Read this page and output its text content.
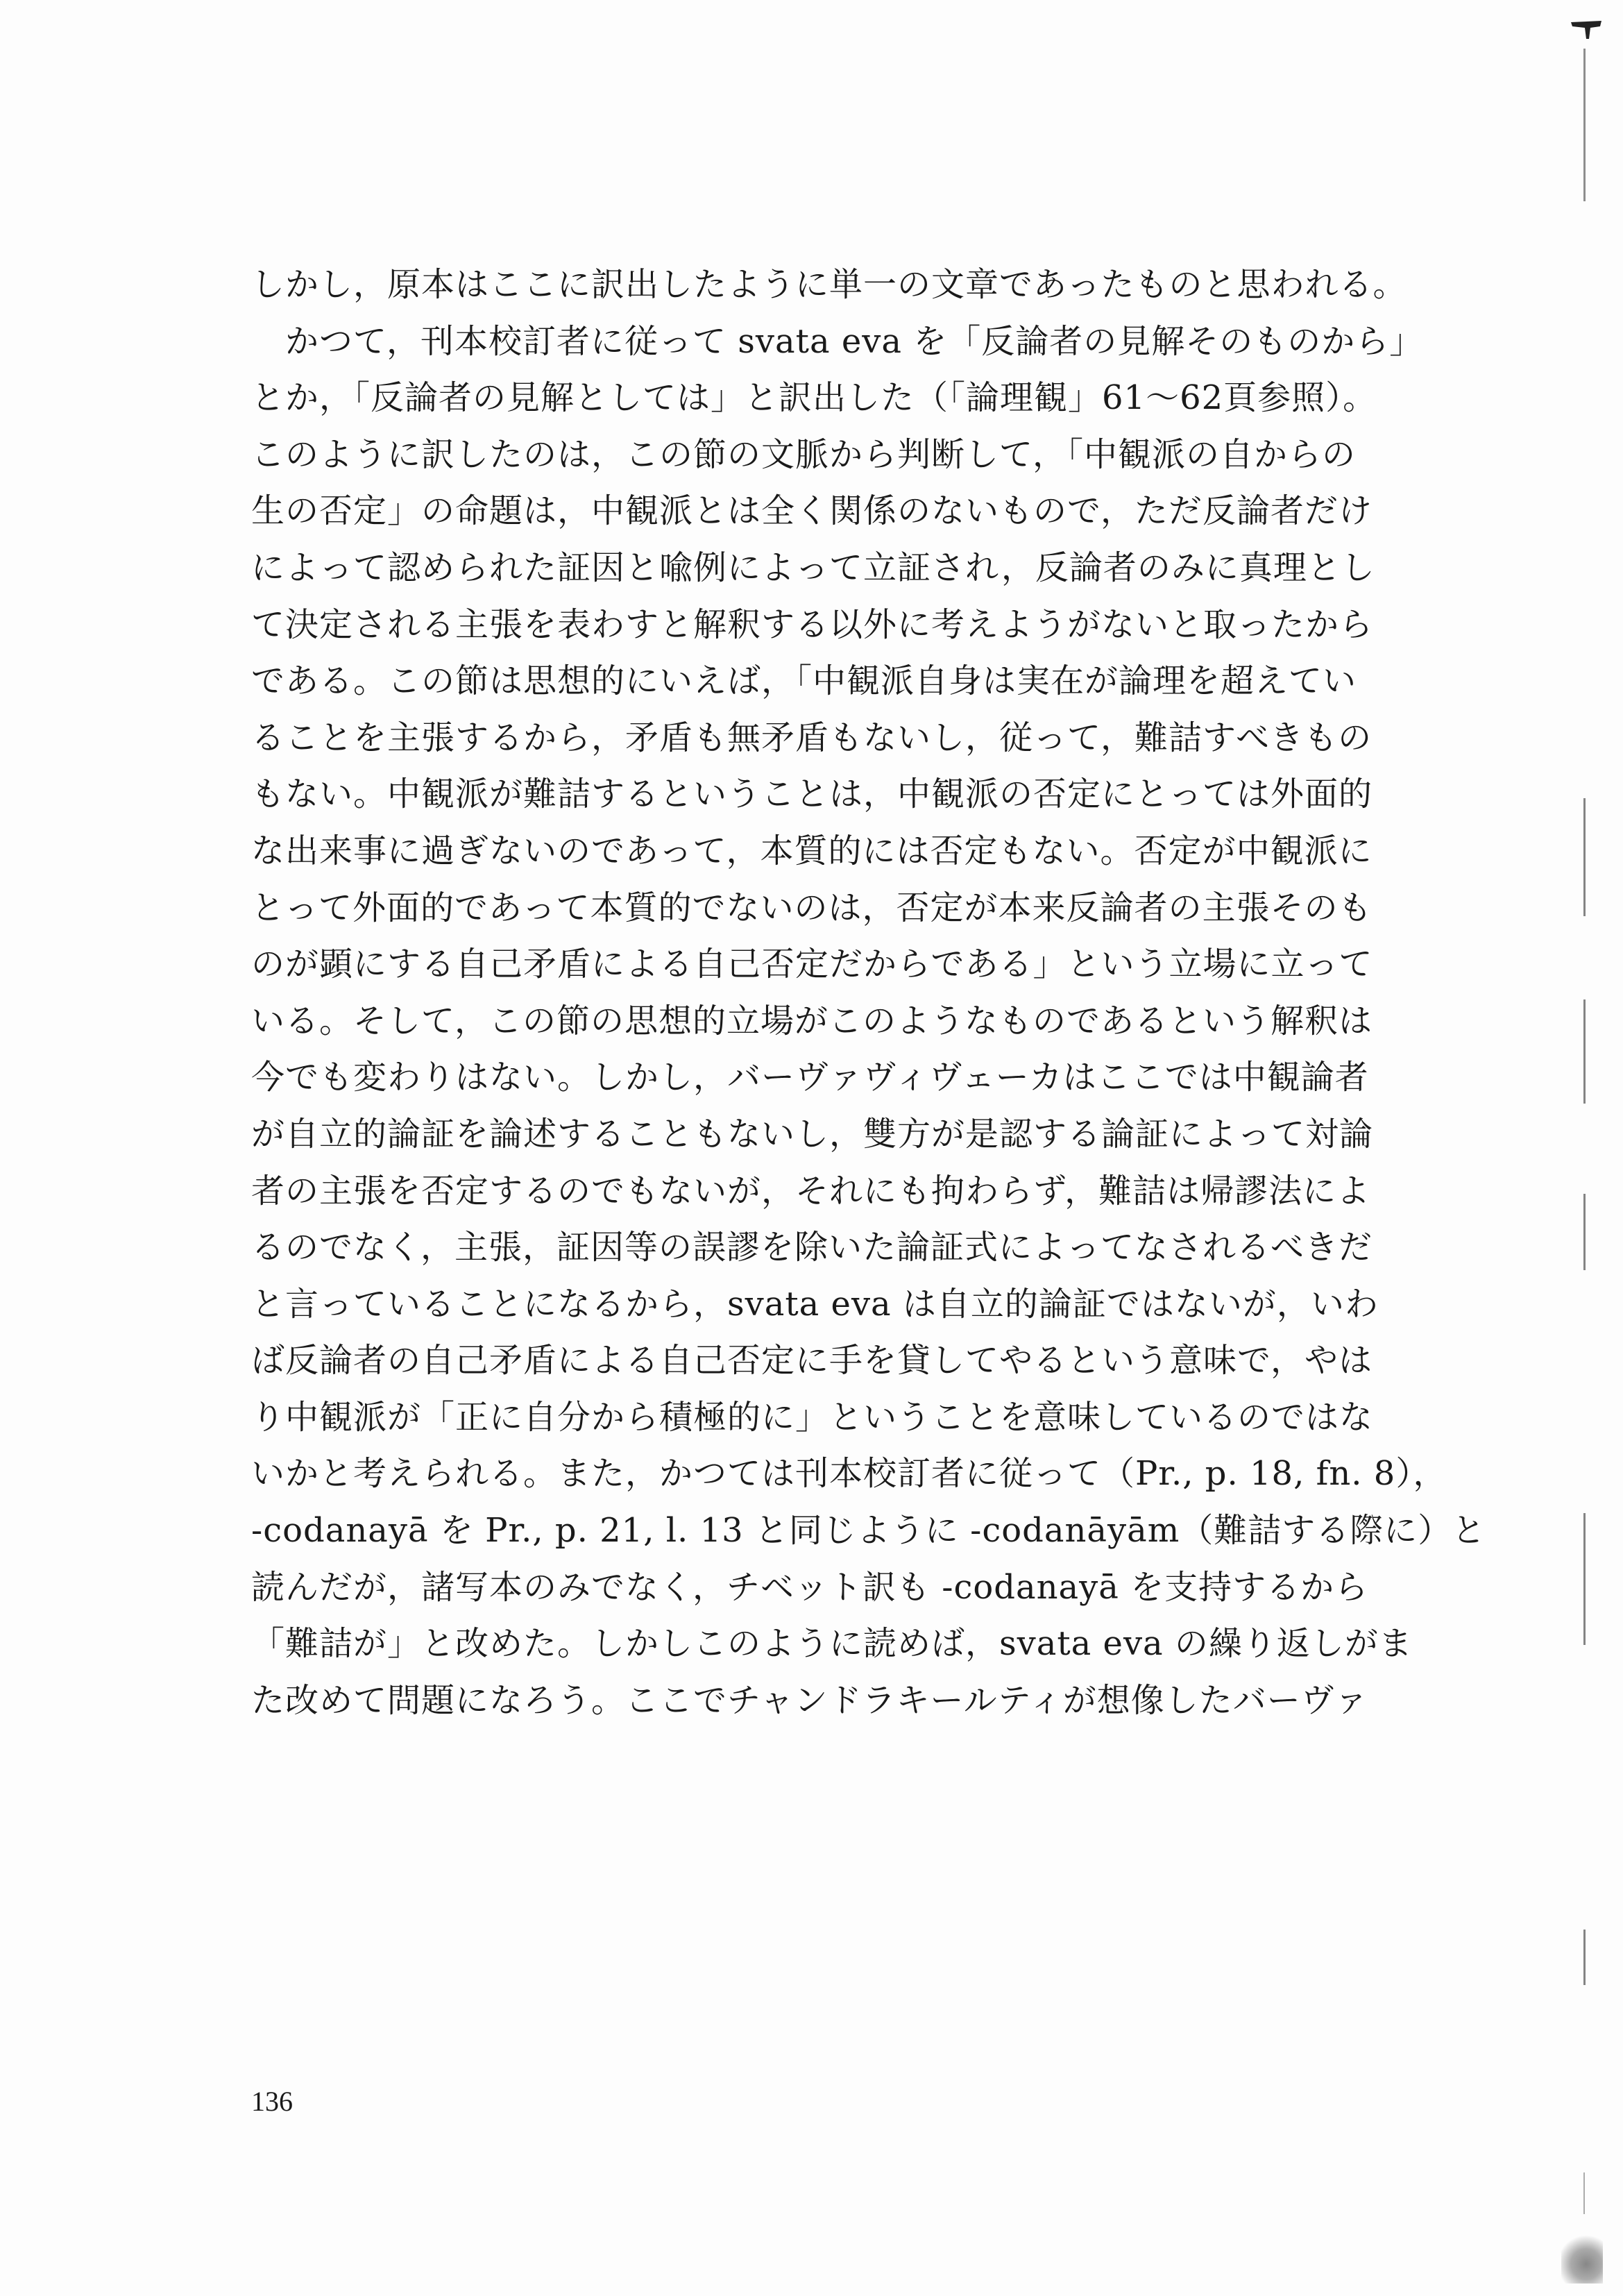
しかし，原本はここに訳出したように単一の文章であったものと思われる。
　かつて，刊本校訂者に従って svata eva を「反論者の見解そのものから」
とか，「反論者の見解としては」と訳出した（「論理観」61〜62頁参照）。
このように訳したのは，この節の文脈から判断して，「中観派の自からの
生の否定」の命題は，中観派とは全く関係のないもので，ただ反論者だけ
によって認められた証因と喩例によって立証され，反論者のみに真理とし
て決定される主張を表わすと解釈する以外に考えようがないと取ったから
である。この節は思想的にいえば，「中観派自身は実在が論理を超えてい
ることを主張するから，矛盾も無矛盾もないし，従って，難詰すべきもの
もない。中観派が難詰するということは，中観派の否定にとっては外面的
な出来事に過ぎないのであって，本質的には否定もない。否定が中観派に
とって外面的であって本質的でないのは，否定が本来反論者の主張そのも
のが顕にする自己矛盾による自己否定だからである」という立場に立って
いる。そして，この節の思想的立場がこのようなものであるという解釈は
今でも変わりはない。しかし，バーヴァヴィヴェーカはここでは中観論者
が自立的論証を論述することもないし，雙方が是認する論証によって対論
者の主張を否定するのでもないが，それにも拘わらず，難詰は帰謬法によ
るのでなく，主張，証因等の誤謬を除いた論証式によってなされるべきだ
と言っていることになるから，svata eva は自立的論証ではないが，いわ
ば反論者の自己矛盾による自己否定に手を貸してやるという意味で，やは
り中観派が「正に自分から積極的に」ということを意味しているのではな
いかと考えられる。また，かつては刊本校訂者に従って（Pr., p. 18, fn. 8），
-codanayā を Pr., p. 21, l. 13 と同じように -codanāyām（難詰する際に）と
読んだが，諸写本のみでなく，チベット訳も -codanayā を支持するから
「難詰が」と改めた。しかしこのように読めば，svata eva の繰り返しがま
た改めて問題になろう。ここでチャンドラキールティが想像したバーヴァ
136
